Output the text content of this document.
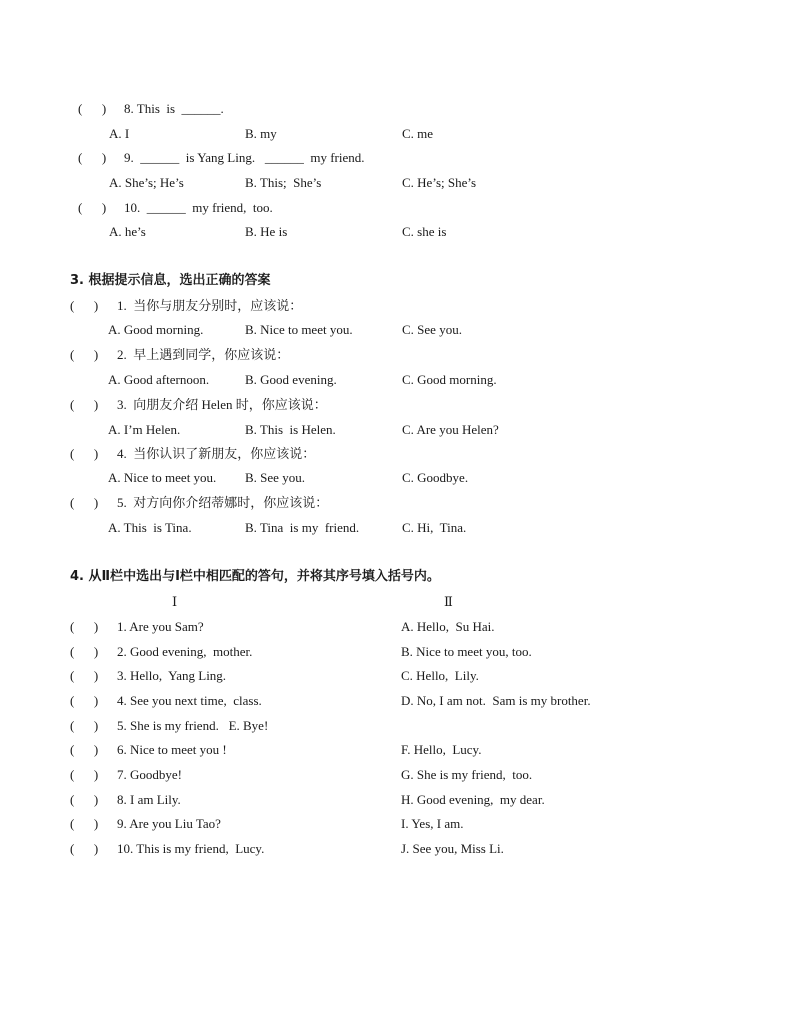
(      ) 8. This  is  ______.
A. I	B. my	C. me
(      ) 9.  ______  is Yang Ling.   ______  my friend.
A. She’s; He’s	B. This;  She’s	C. He’s; She’s
(      ) 10.  ______  my friend,  too.
A. he’s	B. He is	C. she is
3. 根据提示信息，选出正确的答案
(      ) 1.  当你与朋友分别时，应该说：
A. Good morning.	B. Nice to meet you.	C. See you.
(      ) 2.  早上遇到同学，你应该说：
A. Good afternoon.	B. Good evening.	C. Good morning.
(      ) 3.  向朋友介绍 Helen 时，你应该说：
A. I’m Helen.	B. This  is Helen.	C. Are you Helen?
(      ) 4.  当你认识了新朋友，你应该说：
A. Nice to meet you. B. See you.	C. Goodbye.
(      ) 5.  对方向你介绍蒂娜时，你应该说：
A. This  is Tina.	B. Tina  is my  friend.	C. Hi,  Tina.
4. 从Ⅱ栏中选出与Ⅰ栏中相匹配的答句，并将其序号填入括号内。
Ⅰ	Ⅱ
(      ) 1. Are you Sam?	A. Hello,  Su Hai.
(      ) 2. Good evening,  mother.	B. Nice to meet you, too.
(      ) 3. Hello,  Yang Ling.	C. Hello,  Lily.
(      ) 4. See you next time,  class.	D. No, I am not.  Sam is my brother.
(      ) 5. She is my friend.   E. Bye!
(      ) 6. Nice to meet you !	F. Hello,  Lucy.
(      ) 7. Goodbye!	G. She is my friend,  too.
(      ) 8. I am Lily.	H. Good evening,  my dear.
(      ) 9. Are you Liu Tao?	I. Yes, I am.
(      ) 10. This is my friend,  Lucy.	J. See you, Miss Li.
